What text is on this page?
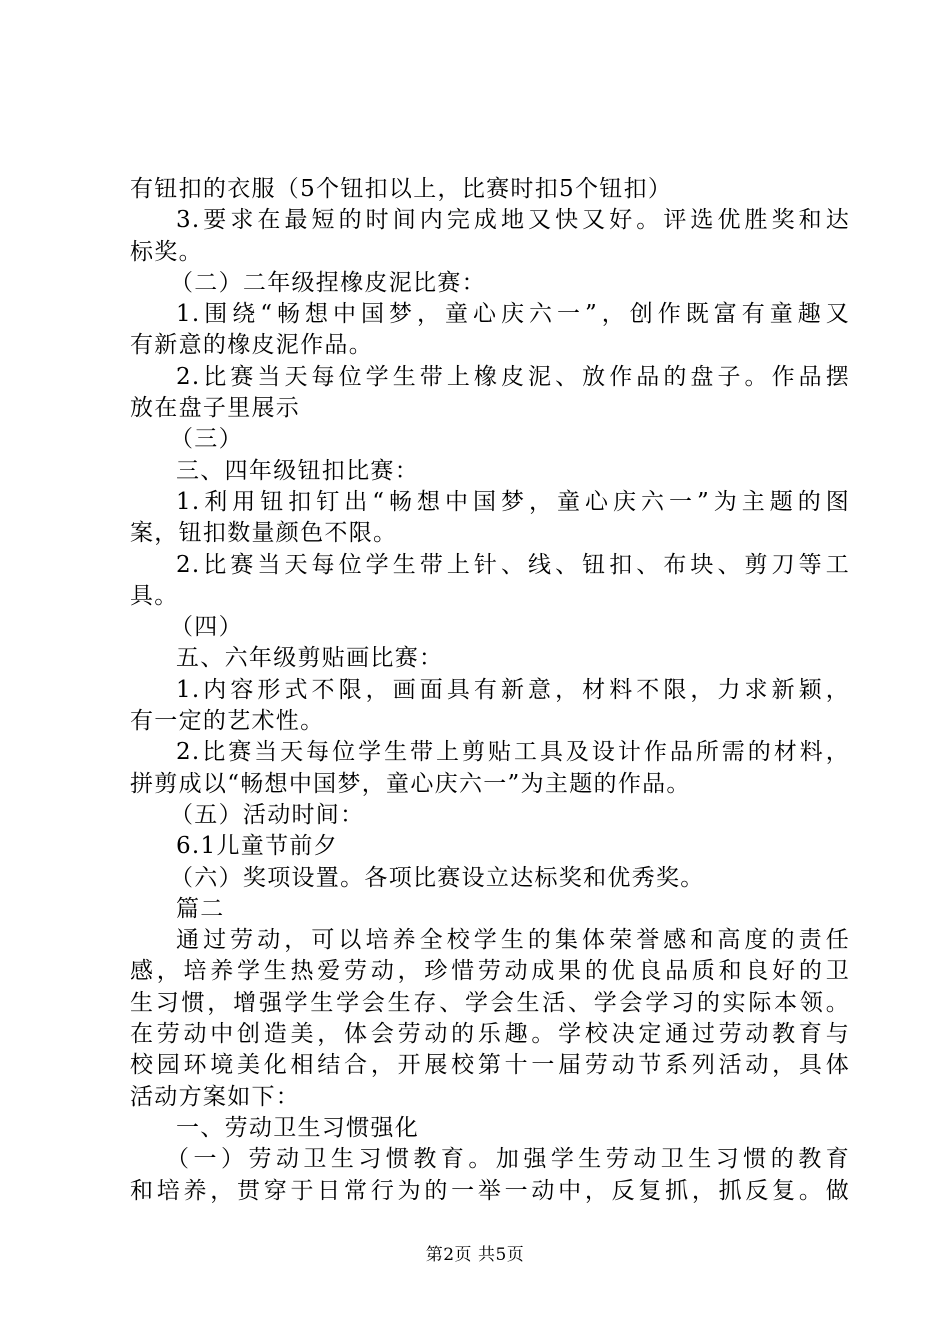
有钮扣的衣服（5个钮扣以上，比赛时扣5个钮扣）
3.要求在最短的时间内完成地又快又好。评选优胜奖和达
标奖。
（二）二年级捏橡皮泥比赛：
1.围绕“畅想中国梦，童心庆六一”，创作既富有童趣又
有新意的橡皮泥作品。
2.比赛当天每位学生带上橡皮泥、放作品的盘子。作品摆
放在盘子里展示
（三）
三、四年级钮扣比赛：
1.利用钮扣钉出“畅想中国梦，童心庆六一”为主题的图
案，钮扣数量颜色不限。
2.比赛当天每位学生带上针、线、钮扣、布块、剪刀等工
具。
（四）
五、六年级剪贴画比赛：
1.内容形式不限，画面具有新意，材料不限，力求新颖，
有一定的艺术性。
2.比赛当天每位学生带上剪贴工具及设计作品所需的材料，
拼剪成以“畅想中国梦，童心庆六一”为主题的作品。
（五）活动时间：
6.1儿童节前夕
（六）奖项设置。各项比赛设立达标奖和优秀奖。
篇二
通过劳动，可以培养全校学生的集体荣誉感和高度的责任
感，培养学生热爱劳动，珍惜劳动成果的优良品质和良好的卫
生习惯，增强学生学会生存、学会生活、学会学习的实际本领。
在劳动中创造美，体会劳动的乐趣。学校决定通过劳动教育与
校园环境美化相结合，开展校第十一届劳动节系列活动，具体
活动方案如下：
一、劳动卫生习惯强化
（一）劳动卫生习惯教育。加强学生劳动卫生习惯的教育
和培养，贯穿于日常行为的一举一动中，反复抓，抓反复。做
第2页 共5页
